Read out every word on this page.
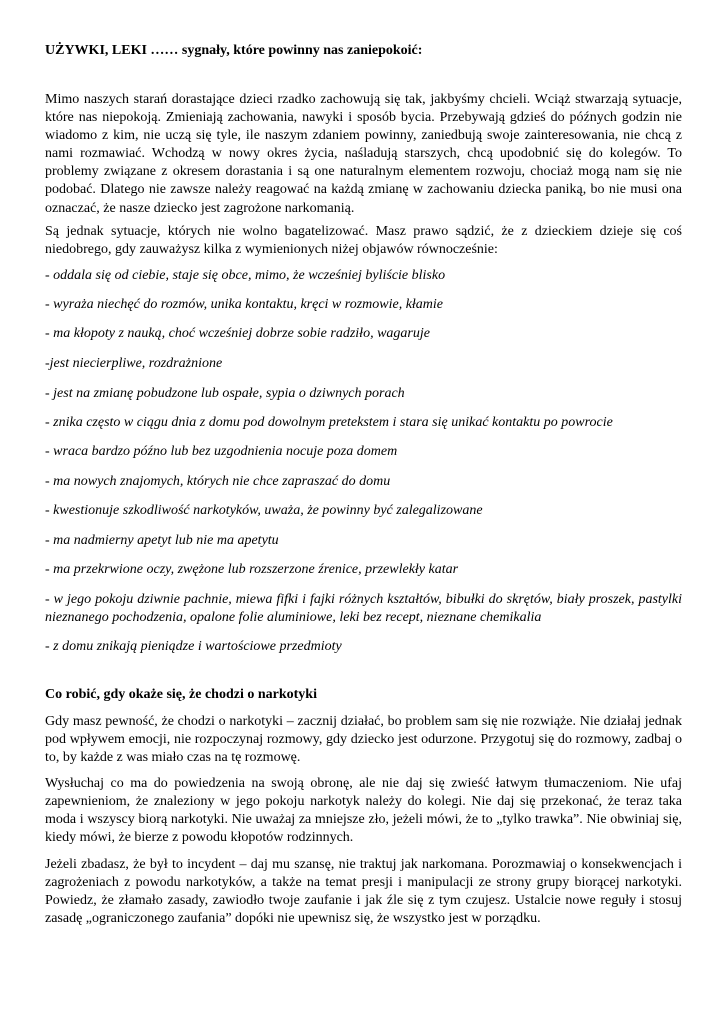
UŻYWKI, LEKI …… sygnały, które powinny nas zaniepokoić:

Mimo naszych starań dorastające dzieci rzadko zachowują się tak, jakbyśmy chcieli. Wciąż stwarzają sytuacje, które nas niepokoją. Zmieniają zachowania, nawyki i sposób bycia. Przebywają gdzieś do późnych godzin nie wiadomo z kim, nie uczą się tyle, ile naszym zdaniem powinny, zaniedbują swoje zainteresowania, nie chcą z nami rozmawiać. Wchodzą w nowy okres życia, naśladują starszych, chcą upodobnić się do kolegów. To problemy związane z okresem dorastania i są one naturalnym elementem rozwoju, chociaż mogą nam się nie podobać. Dlatego nie zawsze należy reagować na każdą zmianę w zachowaniu dziecka paniką, bo nie musi ona oznaczać, że nasze dziecko jest zagrożone narkomanią.

Są jednak sytuacje, których nie wolno bagatelizować. Masz prawo sądzić, że z dzieckiem dzieje się coś niedobrego, gdy zauważysz kilka z wymienionych niżej objawów równocześnie:

- oddala się od ciebie, staje się obce, mimo, że wcześniej byliście blisko

- wyraża niechęć do rozmów, unika kontaktu, kręci w rozmowie, kłamie

- ma kłopoty z nauką, choć wcześniej dobrze sobie radziło, wagaruje

-jest niecierpliwe, rozdrażnione

- jest na zmianę pobudzone lub ospałe, sypia o dziwnych porach

- znika często w ciągu dnia z domu pod dowolnym pretekstem i stara się unikać kontaktu po powrocie

- wraca bardzo późno lub bez uzgodnienia nocuje poza domem

- ma nowych znajomych, których nie chce zapraszać do domu

- kwestionuje szkodliwość narkotyków, uważa, że powinny być zalegalizowane

- ma nadmierny apetyt lub nie ma apetytu

- ma przekrwione oczy, zwężone lub rozszerzone źrenice, przewlekły katar

- w jego pokoju dziwnie pachnie, miewa fifki i fajki różnych kształtów, bibułki do skrętów, biały proszek, pastylki nieznanego pochodzenia, opalone folie aluminiowe, leki bez recept, nieznane chemikalia

- z domu znikają pieniądze i wartościowe przedmioty

Co robić, gdy okaże się, że chodzi o narkotyki

Gdy masz pewność, że chodzi o narkotyki – zacznij działać, bo problem sam się nie rozwiąże. Nie działaj jednak pod wpływem emocji, nie rozpoczynaj rozmowy, gdy dziecko jest odurzone. Przygotuj się do rozmowy, zadbaj o to, by każde z was miało czas na tę rozmowę.

Wysłuchaj co ma do powiedzenia na swoją obronę, ale nie daj się zwieść łatwym tłumaczeniom. Nie ufaj zapewnieniom, że znaleziony w jego pokoju narkotyk należy do kolegi. Nie daj się przekonać, że teraz taka moda i wszyscy biorą narkotyki. Nie uważaj za mniejsze zło, jeżeli mówi, że to „tylko trawka”. Nie obwiniaj się, kiedy mówi, że bierze z powodu kłopotów rodzinnych.

Jeżeli zbadasz, że był to incydent – daj mu szansę, nie traktuj jak narkomana. Porozmawiaj o konsekwencjach i zagrożeniach z powodu narkotyków, a także na temat presji i manipulacji ze strony grupy biorącej narkotyki. Powiedz, że złamało zasady, zawiodło twoje zaufanie i jak źle się z tym czujesz. Ustalcie nowe reguły i stosuj zasadę „ograniczonego zaufania” dopóki nie upewnisz się, że wszystko jest w porządku.
